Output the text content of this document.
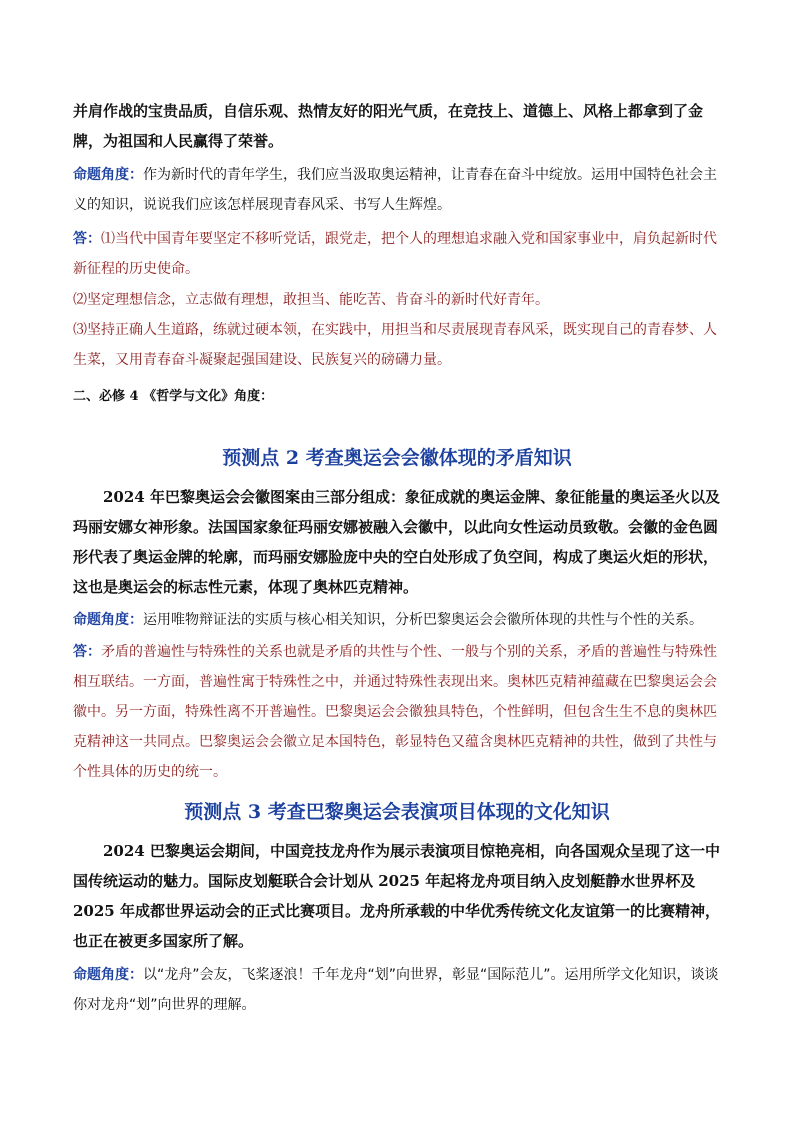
并肩作战的宝贵品质，自信乐观、热情友好的阳光气质，在竞技上、道德上、风格上都拿到了金牌，为祖国和人民赢得了荣誉。

命题角度：作为新时代的青年学生，我们应当汲取奥运精神，让青春在奋斗中绽放。运用中国特色社会主义的知识，说说我们应该怎样展现青春风采、书写人生辉煌。

答：⑴当代中国青年要坚定不移听党话，跟党走，把个人的理想追求融入党和国家事业中，肩负起新时代新征程的历史使命。

⑵坚定理想信念，立志做有理想，敢担当、能吃苦、肯奋斗的新时代好青年。

⑶坚持正确人生道路，练就过硬本领，在实践中，用担当和尽责展现青春风采，既实现自己的青春梦、人生菜，又用青春奋斗凝聚起强国建设、民族复兴的磅礴力量。

二、必修 4 《哲学与文化》角度：

预测点 2 考查奥运会会徽体现的矛盾知识

2024 年巴黎奥运会会徽图案由三部分组成：象征成就的奥运金牌、象征能量的奥运圣火以及玛丽安娜女神形象。法国国家象征玛丽安娜被融入会徽中，以此向女性运动员致敬。会徽的金色圆形代表了奥运金牌的轮廓，而玛丽安娜脸庞中央的空白处形成了负空间，构成了奥运火炬的形状，这也是奥运会的标志性元素，体现了奥林匹克精神。

命题角度：运用唯物辩证法的实质与核心相关知识，分析巴黎奥运会会徽所体现的共性与个性的关系。

答：矛盾的普遍性与特殊性的关系也就是矛盾的共性与个性、一般与个别的关系，矛盾的普遍性与特殊性相互联结。一方面，普遍性寓于特殊性之中，并通过特殊性表现出来。奥林匹克精神蕴藏在巴黎奥运会会徽中。另一方面，特殊性离不开普遍性。巴黎奥运会会徽独具特色，个性鲜明，但包含生生不息的奥林匹克精神这一共同点。巴黎奥运会会徽立足本国特色，彰显特色又蕴含奥林匹克精神的共性，做到了共性与个性具体的历史的统一。

预测点 3 考查巴黎奥运会表演项目体现的文化知识

2024 巴黎奥运会期间，中国竞技龙舟作为展示表演项目惊艳亮相，向各国观众呈现了这一中国传统运动的魅力。国际皮划艇联合会计划从 2025 年起将龙舟项目纳入皮划艇静水世界杯及 2025 年成都世界运动会的正式比赛项目。龙舟所承载的中华优秀传统文化友谊第一的比赛精神，也正在被更多国家所了解。

命题角度：以“龙舟”会友，飞桨逐浪！千年龙舟“划”向世界，彰显“国际范儿”。运用所学文化知识，谈谈你对龙舟“划”向世界的理解。
